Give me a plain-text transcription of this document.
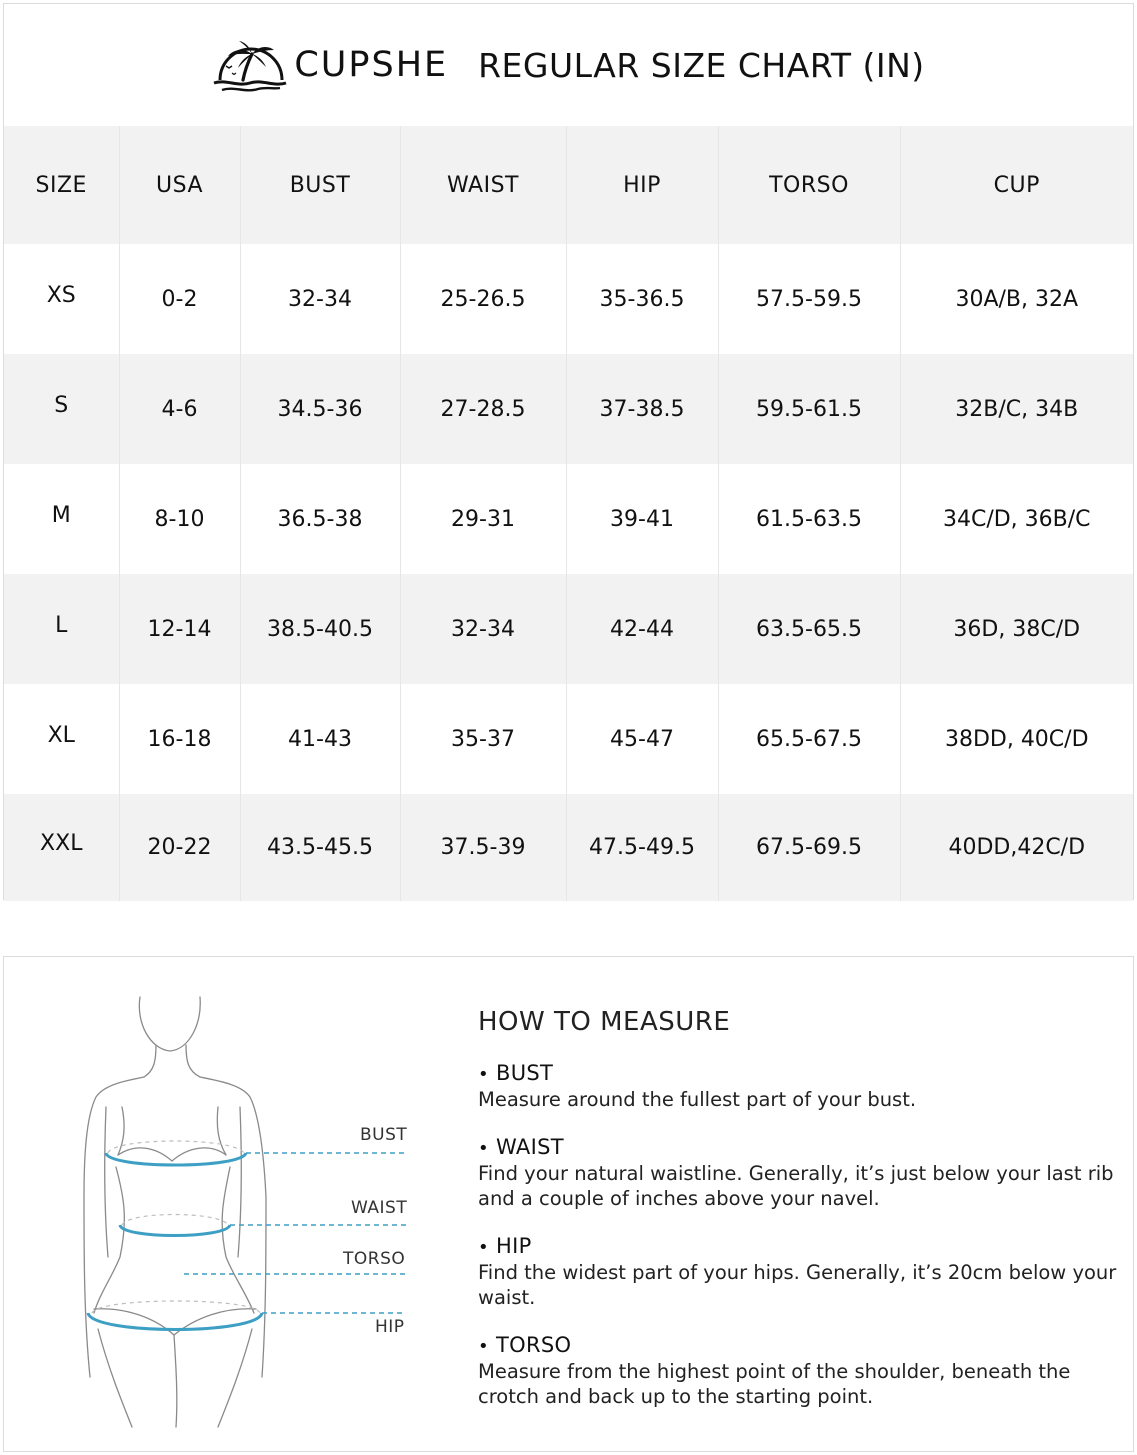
CUPSHE REGULAR SIZE CHART (IN)
SIZE	USA	BUST	WAIST	HIP	TORSO	CUP
XS	0-2	32-34	25-26.5	35-36.5	57.5-59.5	30A/B, 32A
S	4-6	34.5-36	27-28.5	37-38.5	59.5-61.5	32B/C, 34B
M	8-10	36.5-38	29-31	39-41	61.5-63.5	34C/D, 36B/C
L	12-14	38.5-40.5	32-34	42-44	63.5-65.5	36D, 38C/D
XL	16-18	41-43	35-37	45-47	65.5-67.5	38DD, 40C/D
XXL	20-22	43.5-45.5	37.5-39	47.5-49.5	67.5-69.5	40DD,42C/D
BUST
WAIST
TORSO
HIP
HOW TO MEASURE
• BUST
Measure around the fullest part of your bust.
• WAIST
Find your natural waistline. Generally, it’s just below your last rib and a couple of inches above your navel.
• HIP
Find the widest part of your hips. Generally, it’s 20cm below your waist.
• TORSO
Measure from the highest point of the shoulder, beneath the crotch and back up to the starting point.
